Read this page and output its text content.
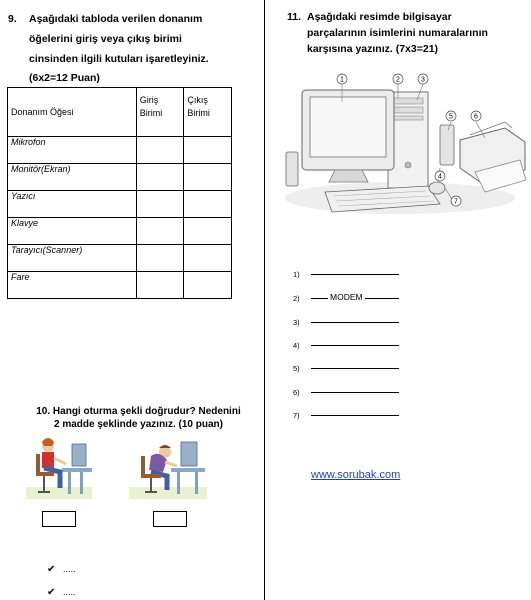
9. Aşağıdaki tabloda verilen donanım
öğelerini giriş veya çıkış birimi
cinsinden ilgili kutuları işaretleyiniz.
(6x2=12 Puan)
Donanım Öğesi	Giriş Birimi	Çıkış Birimi
Mikrofon		
Monitör(Ekran)		
Yazıcı		
Klavye		
Tarayıcı(Scanner)		
Fare		
11. Aşağıdaki resimde bilgisayar
parçalarının isimlerini numaralarının
karşısına yazınız. (7x3=21)
1	2	3
4
5	6
7
1)
2)	MODEM
3)
4)
5)
6)
7)
10. Hangi oturma şekli doğrudur? Nedenini
2 madde şeklinde yazınız. (10 puan)
✔ .....
✔ .....
www.sorubak.com
